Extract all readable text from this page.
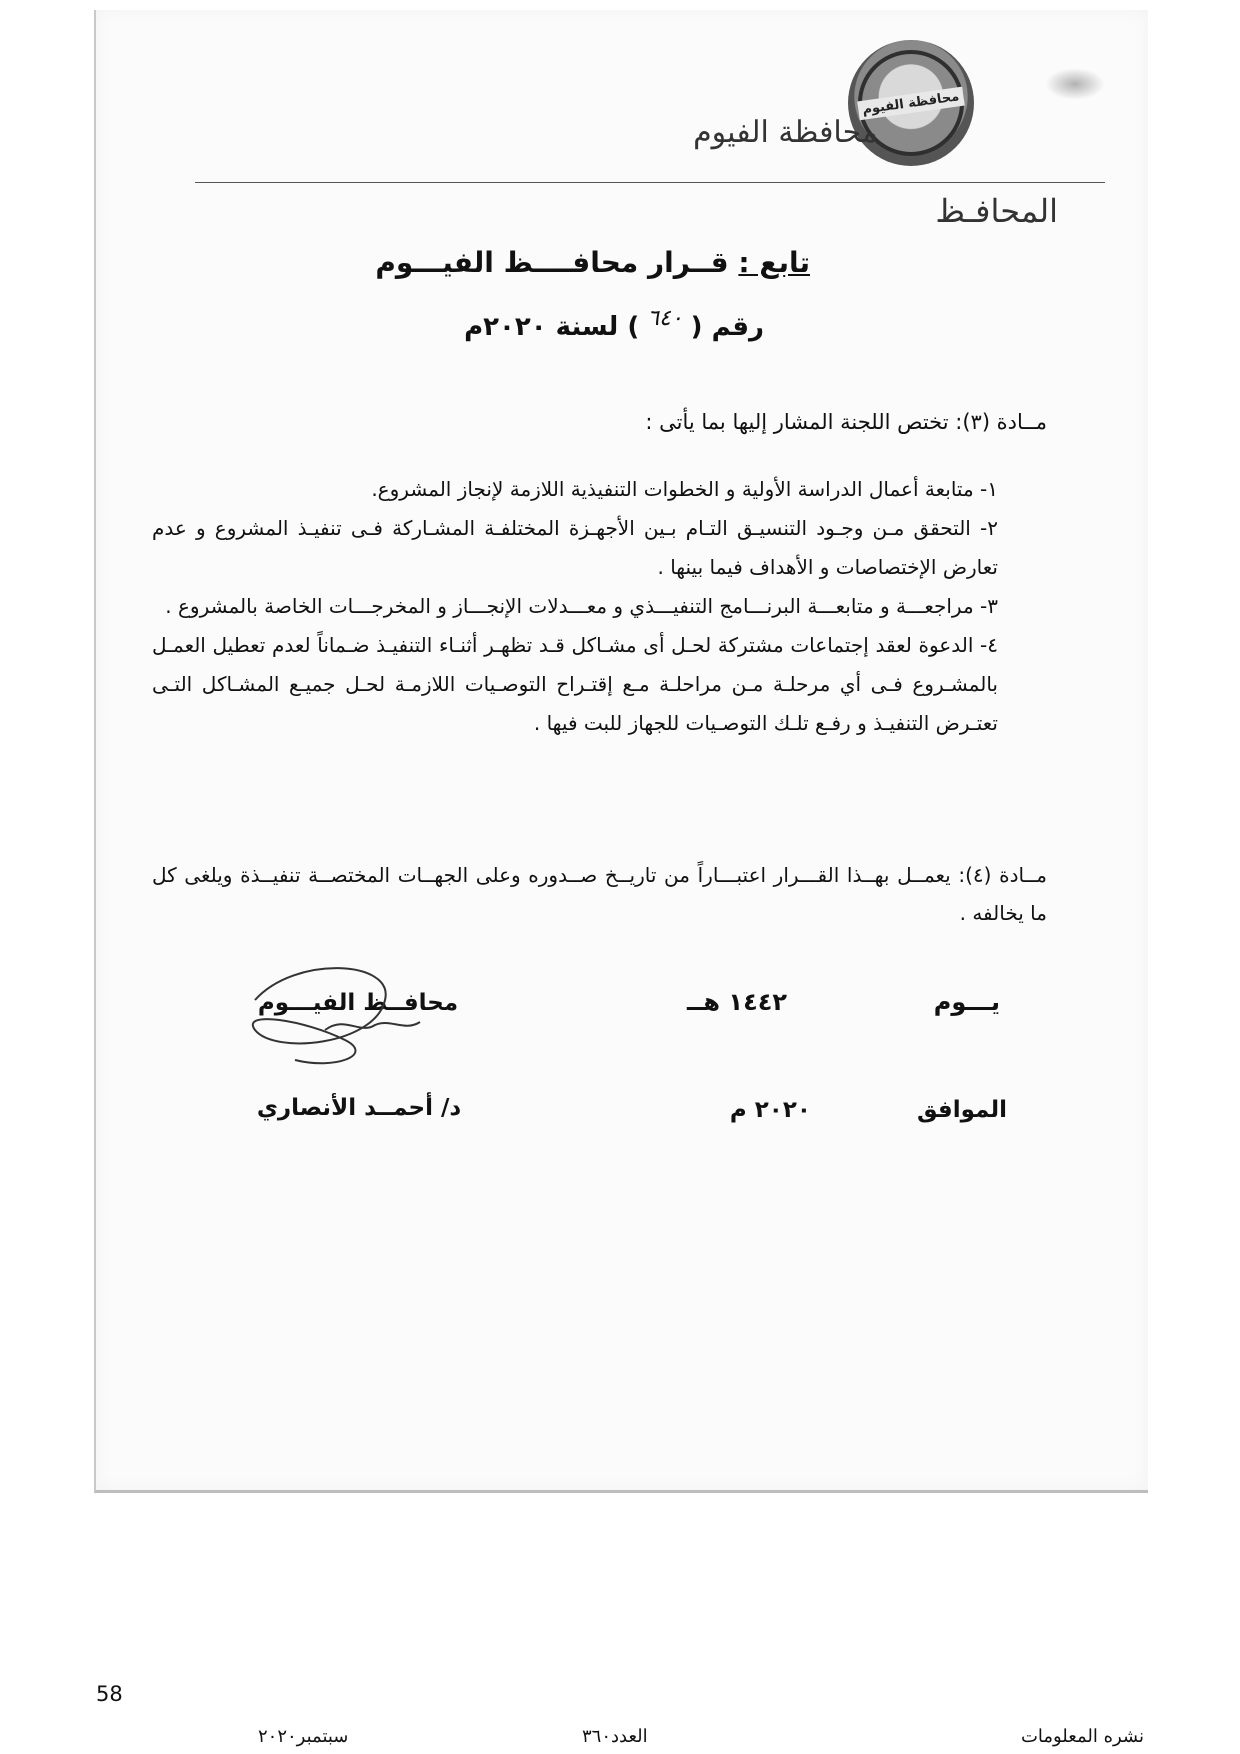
محافظة الفيوم
محافظة الفيوم
المحافـظ
تابع : قــرار محافــــظ الفيـــوم
رقم (٦٤٠) لسنة ٢٠٢٠م
مــادة (٣): تختص اللجنة المشار إليها بما يأتى :
١- متابعة أعمال الدراسة الأولية و الخطوات التنفيذية اللازمة لإنجاز المشروع.
٢- التحقق مـن وجـود التنسيـق التـام بـين الأجهـزة المختلفـة المشـاركة فـى تنفيـذ المشروع و عدم تعارض الإختصاصات و الأهداف فيما بينها .
٣- مراجعـــة و متابعـــة البرنـــامج التنفيـــذي و معـــدلات الإنجـــاز و المخرجـــات الخاصة بالمشروع .
٤- الدعوة لعقد إجتماعات مشتركة لحـل أى مشـاكل قـد تظهـر أثنـاء التنفيـذ ضـماناً لعدم تعطيل العمـل بالمشـروع فـى أي مرحلـة مـن مراحلـة مـع إقتـراح التوصـيات اللازمـة لحـل جميـع المشـاكل التـى تعتـرض التنفيـذ و رفـع تلـك التوصـيات للجهاز للبت فيها .
مــادة (٤): يعمــل بهــذا القـــرار اعتبـــاراً من تاريــخ صــدوره وعلى الجهــات المختصــة تنفيــذة ويلغى كل ما يخالفه .
يـــوم  ١٤٤٢ هــ
الموافق  ٢٠٢٠ م
محافــظ الفيـــوم
د/ أحمــد الأنصاري
58
نشره المعلومات
العدد٣٦٠
سبتمبر٢٠٢٠
